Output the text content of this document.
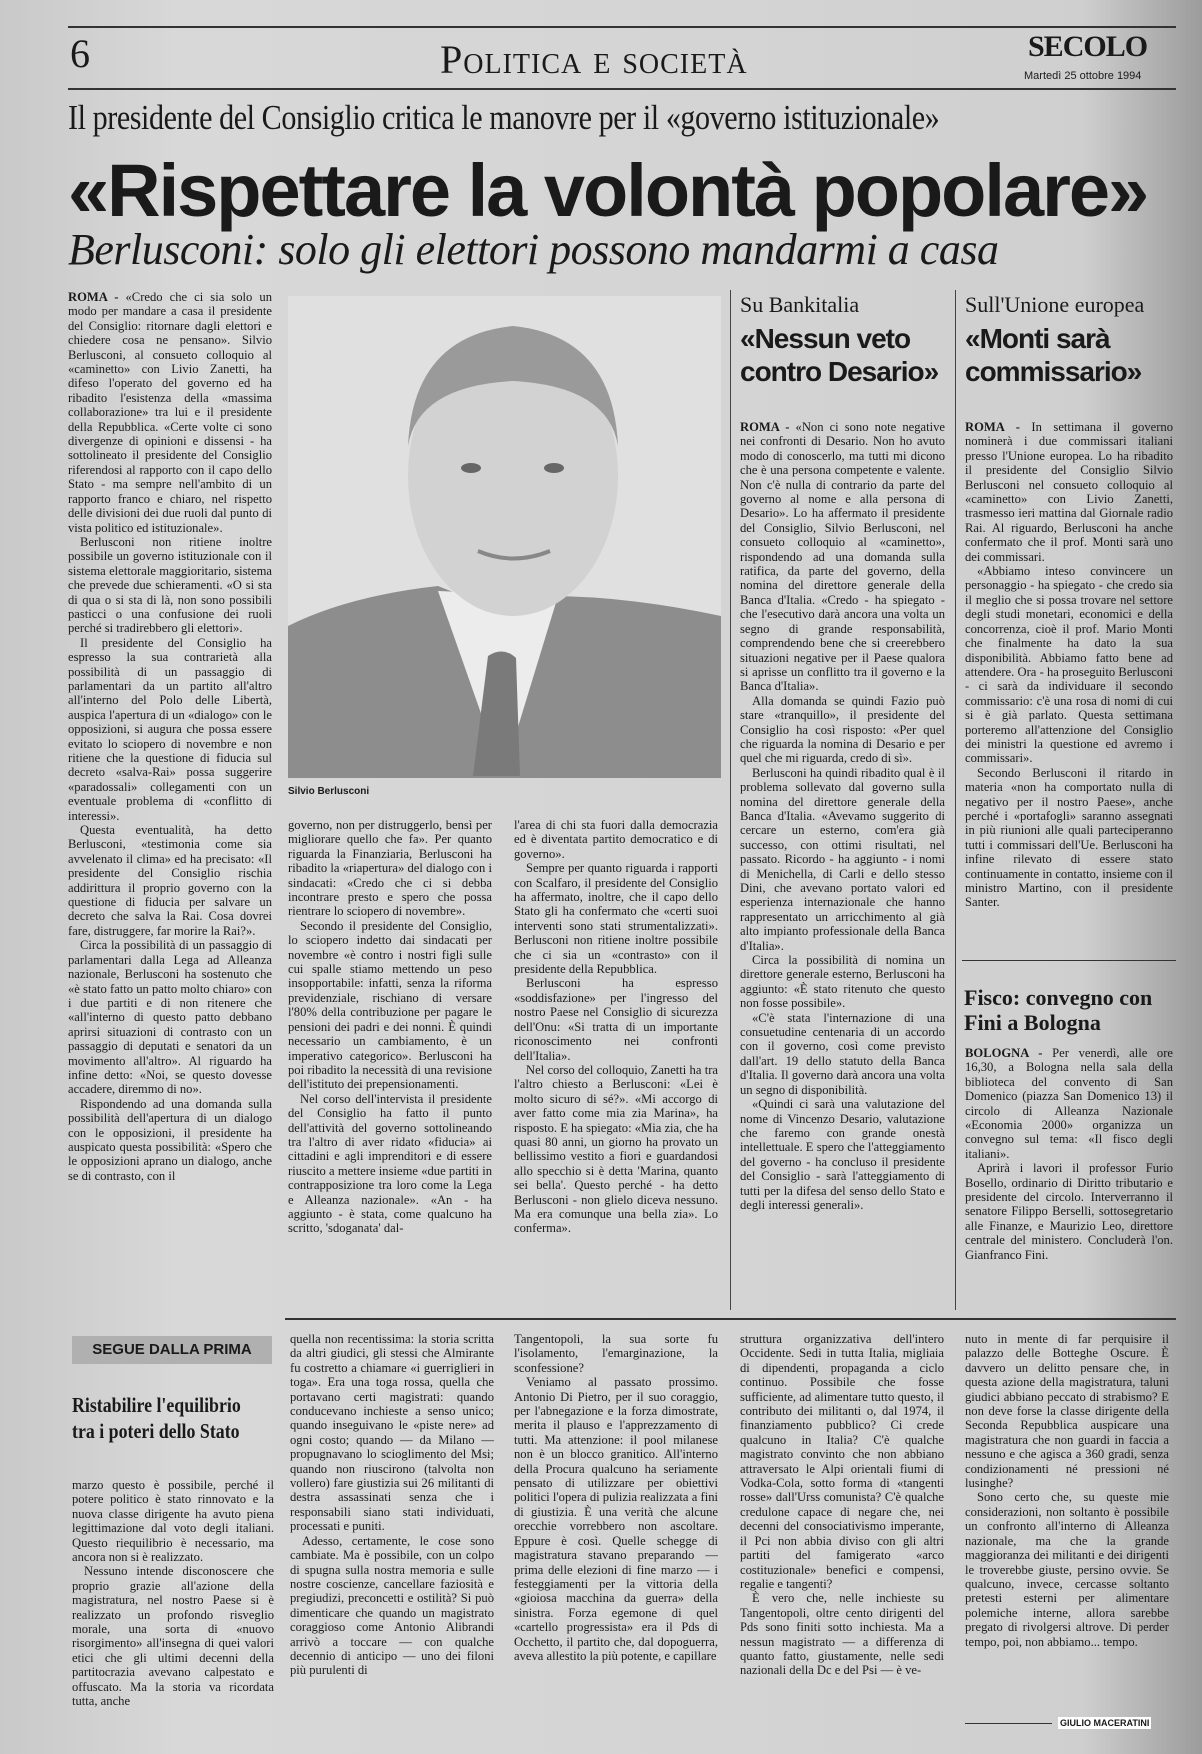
6	Politica e società	SECOLO
Martedì 25 ottobre 1994
Il presidente del Consiglio critica le manovre per il «governo istituzionale»
«Rispettare la volontà popolare»
Berlusconi: solo gli elettori possono mandarmi a casa

ROMA - «Credo che ci sia solo un modo per mandare a casa il presidente del Consiglio: ritornare dagli elettori e chiedere cosa ne pensano». Silvio Berlusconi, al consueto colloquio al «caminetto» con Livio Zanetti, ha difeso l'operato del governo ed ha ribadito l'esistenza della «massima collaborazione» tra lui e il presidente della Repubblica. «Certe volte ci sono divergenze di opinioni e dissensi - ha sottolineato il presidente del Consiglio riferendosi al rapporto con il capo dello Stato - ma sempre nell'ambito di un rapporto franco e chiaro, nel rispetto delle divisioni dei due ruoli dal punto di vista politico ed istituzionale».

Berlusconi non ritiene inoltre possibile un governo istituzionale con il sistema elettorale maggioritario, sistema che prevede due schieramenti. «O si sta di qua o si sta di là, non sono possibili pasticci o una confusione dei ruoli perché si tradirebbero gli elettori».

Il presidente del Consiglio ha espresso la sua contrarietà alla possibilità di un passaggio di parlamentari da un partito all'altro all'interno del Polo delle Libertà, auspica l'apertura di un «dialogo» con le opposizioni, si augura che possa essere evitato lo sciopero di novembre e non ritiene che la questione di fiducia sul decreto «salva-Rai» possa suggerire «paradossali» collegamenti con un eventuale problema di «conflitto di interessi».

Questa eventualità, ha detto Berlusconi, «testimonia come sia avvelenato il clima» ed ha precisato: «Il presidente del Consiglio rischia addirittura il proprio governo con la questione di fiducia per salvare un decreto che salva la Rai. Cosa dovrei fare, distruggere, far morire la Rai?».

Circa la possibilità di un passaggio di parlamentari dalla Lega ad Alleanza nazionale, Berlusconi ha sostenuto che «è stato fatto un patto molto chiaro» con i due partiti e di non ritenere che «all'interno di questo patto debbano aprirsi situazioni di contrasto con un passaggio di deputati e senatori da un movimento all'altro». Al riguardo ha infine detto: «Noi, se questo dovesse accadere, diremmo di no».

Rispondendo ad una domanda sulla possibilità dell'apertura di un dialogo con le opposizioni, il presidente ha auspicato questa possibilità: «Spero che le opposizioni aprano un dialogo, anche se di contrasto, con il

Silvio Berlusconi

governo, non per distruggerlo, bensì per migliorare quello che fa». Per quanto riguarda la Finanziaria, Berlusconi ha ribadito la «riapertura» del dialogo con i sindacati: «Credo che ci si debba incontrare presto e spero che possa rientrare lo sciopero di novembre».

Secondo il presidente del Consiglio, lo sciopero indetto dai sindacati per novembre «è contro i nostri figli sulle cui spalle stiamo mettendo un peso insopportabile: infatti, senza la riforma previdenziale, rischiano di versare l'80% della contribuzione per pagare le pensioni dei padri e dei nonni. È quindi necessario un cambiamento, è un imperativo categorico». Berlusconi ha poi ribadito la necessità di una revisione dell'istituto dei prepensionamenti.

Nel corso dell'intervista il presidente del Consiglio ha fatto il punto dell'attività del governo sottolineando tra l'altro di aver ridato «fiducia» ai cittadini e agli imprenditori e di essere riuscito a mettere insieme «due partiti in contrapposizione tra loro come la Lega e Alleanza nazionale». «An - ha aggiunto - è stata, come qualcuno ha scritto, 'sdoganata' dal-

l'area di chi sta fuori dalla democrazia ed è diventata partito democratico e di governo».

Sempre per quanto riguarda i rapporti con Scalfaro, il presidente del Consiglio ha affermato, inoltre, che il capo dello Stato gli ha confermato che «certi suoi interventi sono stati strumentalizzati». Berlusconi non ritiene inoltre possibile che ci sia un «contrasto» con il presidente della Repubblica.

Berlusconi ha espresso «soddisfazione» per l'ingresso del nostro Paese nel Consiglio di sicurezza dell'Onu: «Si tratta di un importante riconoscimento nei confronti dell'Italia».

Nel corso del colloquio, Zanetti ha tra l'altro chiesto a Berlusconi: «Lei è molto sicuro di sé?». «Mi accorgo di aver fatto come mia zia Marina», ha risposto. E ha spiegato: «Mia zia, che ha quasi 80 anni, un giorno ha provato un bellissimo vestito a fiori e guardandosi allo specchio si è detta 'Marina, quanto sei bella'. Questo perché - ha detto Berlusconi - non glielo diceva nessuno. Ma era comunque una bella zia». Lo conferma».

Su Bankitalia
«Nessun veto contro Desario»

ROMA - «Non ci sono note negative nei confronti di Desario. Non ho avuto modo di conoscerlo, ma tutti mi dicono che è una persona competente e valente. Non c'è nulla di contrario da parte del governo al nome e alla persona di Desario». Lo ha affermato il presidente del Consiglio, Silvio Berlusconi, nel consueto colloquio al «caminetto», rispondendo ad una domanda sulla ratifica, da parte del governo, della nomina del direttore generale della Banca d'Italia. «Credo - ha spiegato - che l'esecutivo darà ancora una volta un segno di grande responsabilità, comprendendo bene che si creerebbero situazioni negative per il Paese qualora si aprisse un conflitto tra il governo e la Banca d'Italia».

Alla domanda se quindi Fazio può stare «tranquillo», il presidente del Consiglio ha così risposto: «Per quel che riguarda la nomina di Desario e per quel che mi riguarda, credo di sì».

Berlusconi ha quindi ribadito qual è il problema sollevato dal governo sulla nomina del direttore generale della Banca d'Italia. «Avevamo suggerito di cercare un esterno, com'era già successo, con ottimi risultati, nel passato. Ricordo - ha aggiunto - i nomi di Menichella, di Carli e dello stesso Dini, che avevano portato valori ed esperienza internazionale che hanno rappresentato un arricchimento al già alto impianto professionale della Banca d'Italia».

Circa la possibilità di nomina un direttore generale esterno, Berlusconi ha aggiunto: «È stato ritenuto che questo non fosse possibile».

«C'è stata l'internazione di una consuetudine centenaria di un accordo con il governo, così come previsto dall'art. 19 dello statuto della Banca d'Italia. Il governo darà ancora una volta un segno di disponibilità.

«Quindi ci sarà una valutazione del nome di Vincenzo Desario, valutazione che faremo con grande onestà intellettuale. E spero che l'atteggiamento del governo - ha concluso il presidente del Consiglio - sarà l'atteggiamento di tutti per la difesa del senso dello Stato e degli interessi generali».

Sull'Unione europea
«Monti sarà commissario»

ROMA - In settimana il governo nominerà i due commissari italiani presso l'Unione europea. Lo ha ribadito il presidente del Consiglio Silvio Berlusconi nel consueto colloquio al «caminetto» con Livio Zanetti, trasmesso ieri mattina dal Giornale radio Rai. Al riguardo, Berlusconi ha anche confermato che il prof. Monti sarà uno dei commissari.

«Abbiamo inteso convincere un personaggio - ha spiegato - che credo sia il meglio che si possa trovare nel settore degli studi monetari, economici e della concorrenza, cioè il prof. Mario Monti che finalmente ha dato la sua disponibilità. Abbiamo fatto bene ad attendere. Ora - ha proseguito Berlusconi - ci sarà da individuare il secondo commissario: c'è una rosa di nomi di cui si è già parlato. Questa settimana porteremo all'attenzione del Consiglio dei ministri la questione ed avremo i commissari».

Secondo Berlusconi il ritardo in materia «non ha comportato nulla di negativo per il nostro Paese», anche perché i «portafogli» saranno assegnati in più riunioni alle quali parteciperanno tutti i commissari dell'Ue. Berlusconi ha infine rilevato di essere stato continuamente in contatto, insieme con il ministro Martino, con il presidente Santer.

Fisco: convegno con Fini a Bologna

BOLOGNA - Per venerdì, alle ore 16,30, a Bologna nella sala della biblioteca del convento di San Domenico (piazza San Domenico 13) il circolo di Alleanza Nazionale «Economia 2000» organizza un convegno sul tema: «Il fisco degli italiani».

Aprirà i lavori il professor Furio Bosello, ordinario di Diritto tributario e presidente del circolo. Interverranno il senatore Filippo Berselli, sottosegretario alle Finanze, e Maurizio Leo, direttore centrale del ministero. Concluderà l'on. Gianfranco Fini.

SEGUE DALLA PRIMA
Ristabilire l'equilibrio tra i poteri dello Stato

marzo questo è possibile, perché il potere politico è stato rinnovato e la nuova classe dirigente ha avuto piena legittimazione dal voto degli italiani. Questo riequilibrio è necessario, ma ancora non si è realizzato.

Nessuno intende disconoscere che proprio grazie all'azione della magistratura, nel nostro Paese si è realizzato un profondo risveglio morale, una sorta di «nuovo risorgimento» all'insegna di quei valori etici che gli ultimi decenni della partitocrazia avevano calpestato e offuscato. Ma la storia va ricordata tutta, anche

quella non recentissima: la storia scritta da altri giudici, gli stessi che Almirante fu costretto a chiamare «i guerriglieri in toga». Era una toga rossa, quella che portavano certi magistrati: quando conducevano inchieste a senso unico; quando inseguivano le «piste nere» ad ogni costo; quando — da Milano — propugnavano lo scioglimento del Msi; quando non riuscirono (talvolta non vollero) fare giustizia sui 26 militanti di destra assassinati senza che i responsabili siano stati individuati, processati e puniti.

Adesso, certamente, le cose sono cambiate. Ma è possibile, con un colpo di spugna sulla nostra memoria e sulle nostre coscienze, cancellare faziosità e pregiudizi, preconcetti e ostilità? Si può dimenticare che quando un magistrato coraggioso come Antonio Alibrandi arrivò a toccare — con qualche decennio di anticipo — uno dei filoni più purulenti di

Tangentopoli, la sua sorte fu l'isolamento, l'emarginazione, la sconfessione?

Veniamo al passato prossimo. Antonio Di Pietro, per il suo coraggio, per l'abnegazione e la forza dimostrate, merita il plauso e l'apprezzamento di tutti. Ma attenzione: il pool milanese non è un blocco granitico. All'interno della Procura qualcuno ha seriamente pensato di utilizzare per obiettivi politici l'opera di pulizia realizzata a fini di giustizia. È una verità che alcune orecchie vorrebbero non ascoltare. Eppure è così. Quelle schegge di magistratura stavano preparando — prima delle elezioni di fine marzo — i festeggiamenti per la vittoria della «gioiosa macchina da guerra» della sinistra. Forza egemone di quel «cartello progressista» era il Pds di Occhetto, il partito che, dal dopoguerra, aveva allestito la più potente, e capillare

struttura organizzativa dell'intero Occidente. Sedi in tutta Italia, migliaia di dipendenti, propaganda a ciclo continuo. Possibile che fosse sufficiente, ad alimentare tutto questo, il contributo dei militanti o, dal 1974, il finanziamento pubblico? Ci crede qualcuno in Italia? C'è qualche magistrato convinto che non abbiano attraversato le Alpi orientali fiumi di Vodka-Cola, sotto forma di «tangenti rosse» dall'Urss comunista? C'è qualche credulone capace di negare che, nei decenni del consociativismo imperante, il Pci non abbia diviso con gli altri partiti del famigerato «arco costituzionale» benefici e compensi, regalie e tangenti?

È vero che, nelle inchieste su Tangentopoli, oltre cento dirigenti del Pds sono finiti sotto inchiesta. Ma a nessun magistrato — a differenza di quanto fatto, giustamente, nelle sedi nazionali della Dc e del Psi — è ve-

nuto in mente di far perquisire il palazzo delle Botteghe Oscure. È davvero un delitto pensare che, in questa azione della magistratura, taluni giudici abbiano peccato di strabismo? E non deve forse la classe dirigente della Seconda Repubblica auspicare una magistratura che non guardi in faccia a nessuno e che agisca a 360 gradi, senza condizionamenti né pressioni né lusinghe?

Sono certo che, su queste mie considerazioni, non soltanto è possibile un confronto all'interno di Alleanza nazionale, ma che la grande maggioranza dei militanti e dei dirigenti le troverebbe giuste, persino ovvie. Se qualcuno, invece, cercasse soltanto pretesti esterni per alimentare polemiche interne, allora sarebbe pregato di rivolgersi altrove. Di perder tempo, poi, non abbiamo... tempo.

GIULIO MACERATINI
